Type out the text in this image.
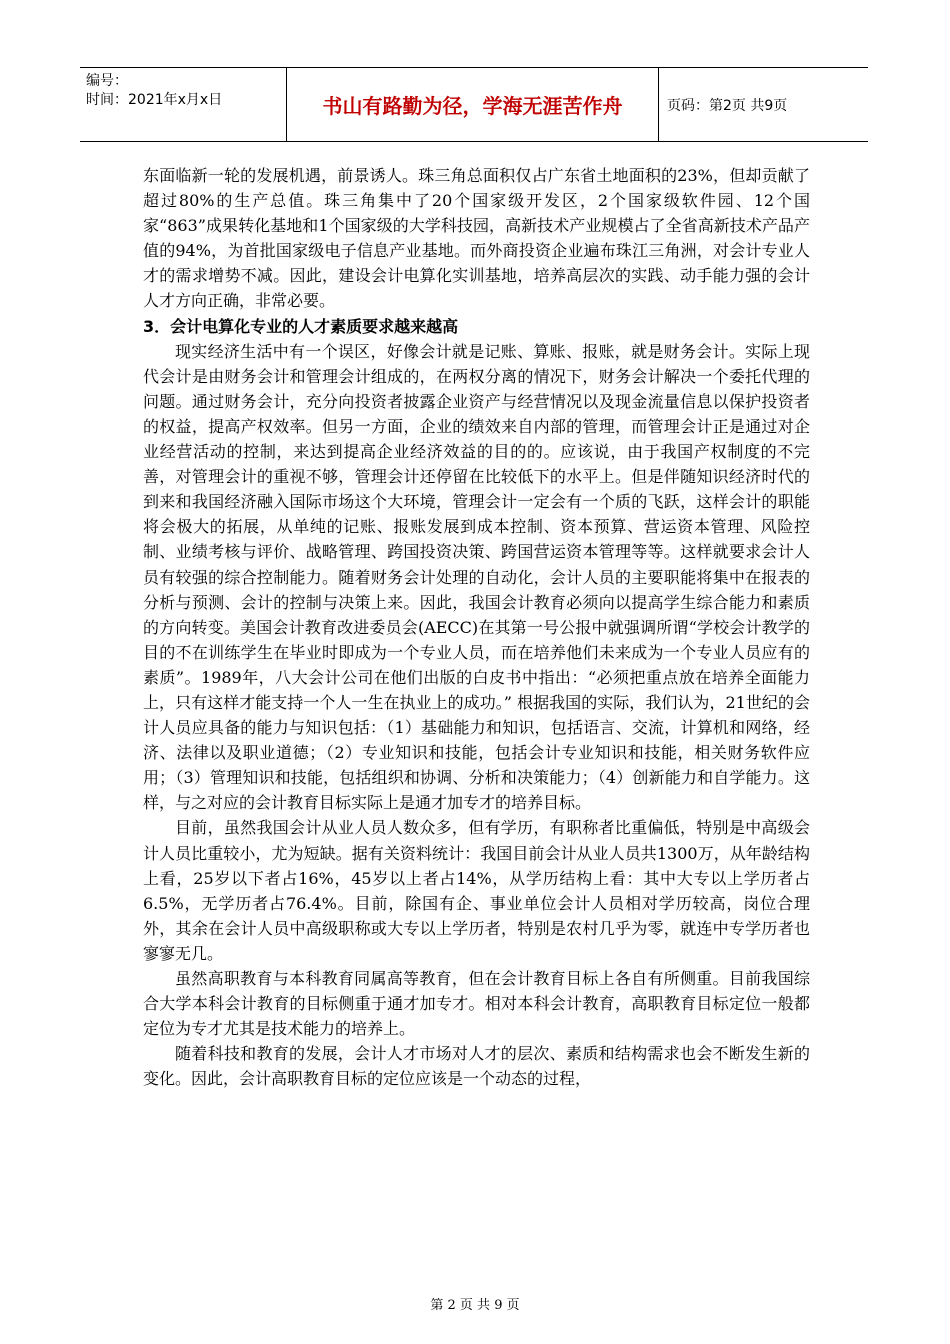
编号：
时间：2021年x月x日	书山有路勤为径，学海无涯苦作舟	页码：第2页 共9页

东面临新一轮的发展机遇，前景诱人。珠三角总面积仅占广东省土地面积的23%，但却贡献了超过80%的生产总值。珠三角集中了20个国家级开发区，2个国家级软件园、12个国家“863”成果转化基地和1个国家级的大学科技园，高新技术产业规模占了全省高新技术产品产值的94%，为首批国家级电子信息产业基地。而外商投资企业遍布珠江三角洲，对会计专业人才的需求增势不减。因此，建设会计电算化实训基地，培养高层次的实践、动手能力强的会计人才方向正确，非常必要。

3．会计电算化专业的人才素质要求越来越高

现实经济生活中有一个误区，好像会计就是记账、算账、报账，就是财务会计。实际上现代会计是由财务会计和管理会计组成的，在两权分离的情况下，财务会计解决一个委托代理的问题。通过财务会计，充分向投资者披露企业资产与经营情况以及现金流量信息以保护投资者的权益，提高产权效率。但另一方面，企业的绩效来自内部的管理，而管理会计正是通过对企业经营活动的控制，来达到提高企业经济效益的目的的。应该说，由于我国产权制度的不完善，对管理会计的重视不够，管理会计还停留在比较低下的水平上。但是伴随知识经济时代的到来和我国经济融入国际市场这个大环境，管理会计一定会有一个质的飞跃，这样会计的职能将会极大的拓展，从单纯的记账、报账发展到成本控制、资本预算、营运资本管理、风险控制、业绩考核与评价、战略管理、跨国投资决策、跨国营运资本管理等等。这样就要求会计人员有较强的综合控制能力。随着财务会计处理的自动化，会计人员的主要职能将集中在报表的分析与预测、会计的控制与决策上来。因此，我国会计教育必须向以提高学生综合能力和素质的方向转变。美国会计教育改进委员会(AECC)在其第一号公报中就强调所谓“学校会计教学的目的不在训练学生在毕业时即成为一个专业人员，而在培养他们未来成为一个专业人员应有的素质”。1989年，八大会计公司在他们出版的白皮书中指出：“必须把重点放在培养全面能力上，只有这样才能支持一个人一生在执业上的成功。” 根据我国的实际，我们认为，21世纪的会计人员应具备的能力与知识包括：（1）基础能力和知识，包括语言、交流，计算机和网络，经济、法律以及职业道德；（2）专业知识和技能，包括会计专业知识和技能，相关财务软件应用；（3）管理知识和技能，包括组织和协调、分析和决策能力；（4）创新能力和自学能力。这样，与之对应的会计教育目标实际上是通才加专才的培养目标。

目前，虽然我国会计从业人员人数众多，但有学历，有职称者比重偏低，特别是中高级会计人员比重较小，尤为短缺。据有关资料统计：我国目前会计从业人员共1300万，从年龄结构上看，25岁以下者占16%，45岁以上者占14%，从学历结构上看：其中大专以上学历者占6.5%，无学历者占76.4%。目前，除国有企、事业单位会计人员相对学历较高，岗位合理外，其余在会计人员中高级职称或大专以上学历者，特别是农村几乎为零，就连中专学历者也寥寥无几。

虽然高职教育与本科教育同属高等教育，但在会计教育目标上各自有所侧重。目前我国综合大学本科会计教育的目标侧重于通才加专才。相对本科会计教育，高职教育目标定位一般都定位为专才尤其是技术能力的培养上。

随着科技和教育的发展，会计人才市场对人才的层次、素质和结构需求也会不断发生新的变化。因此，会计高职教育目标的定位应该是一个动态的过程，

第 2 页 共 9 页
